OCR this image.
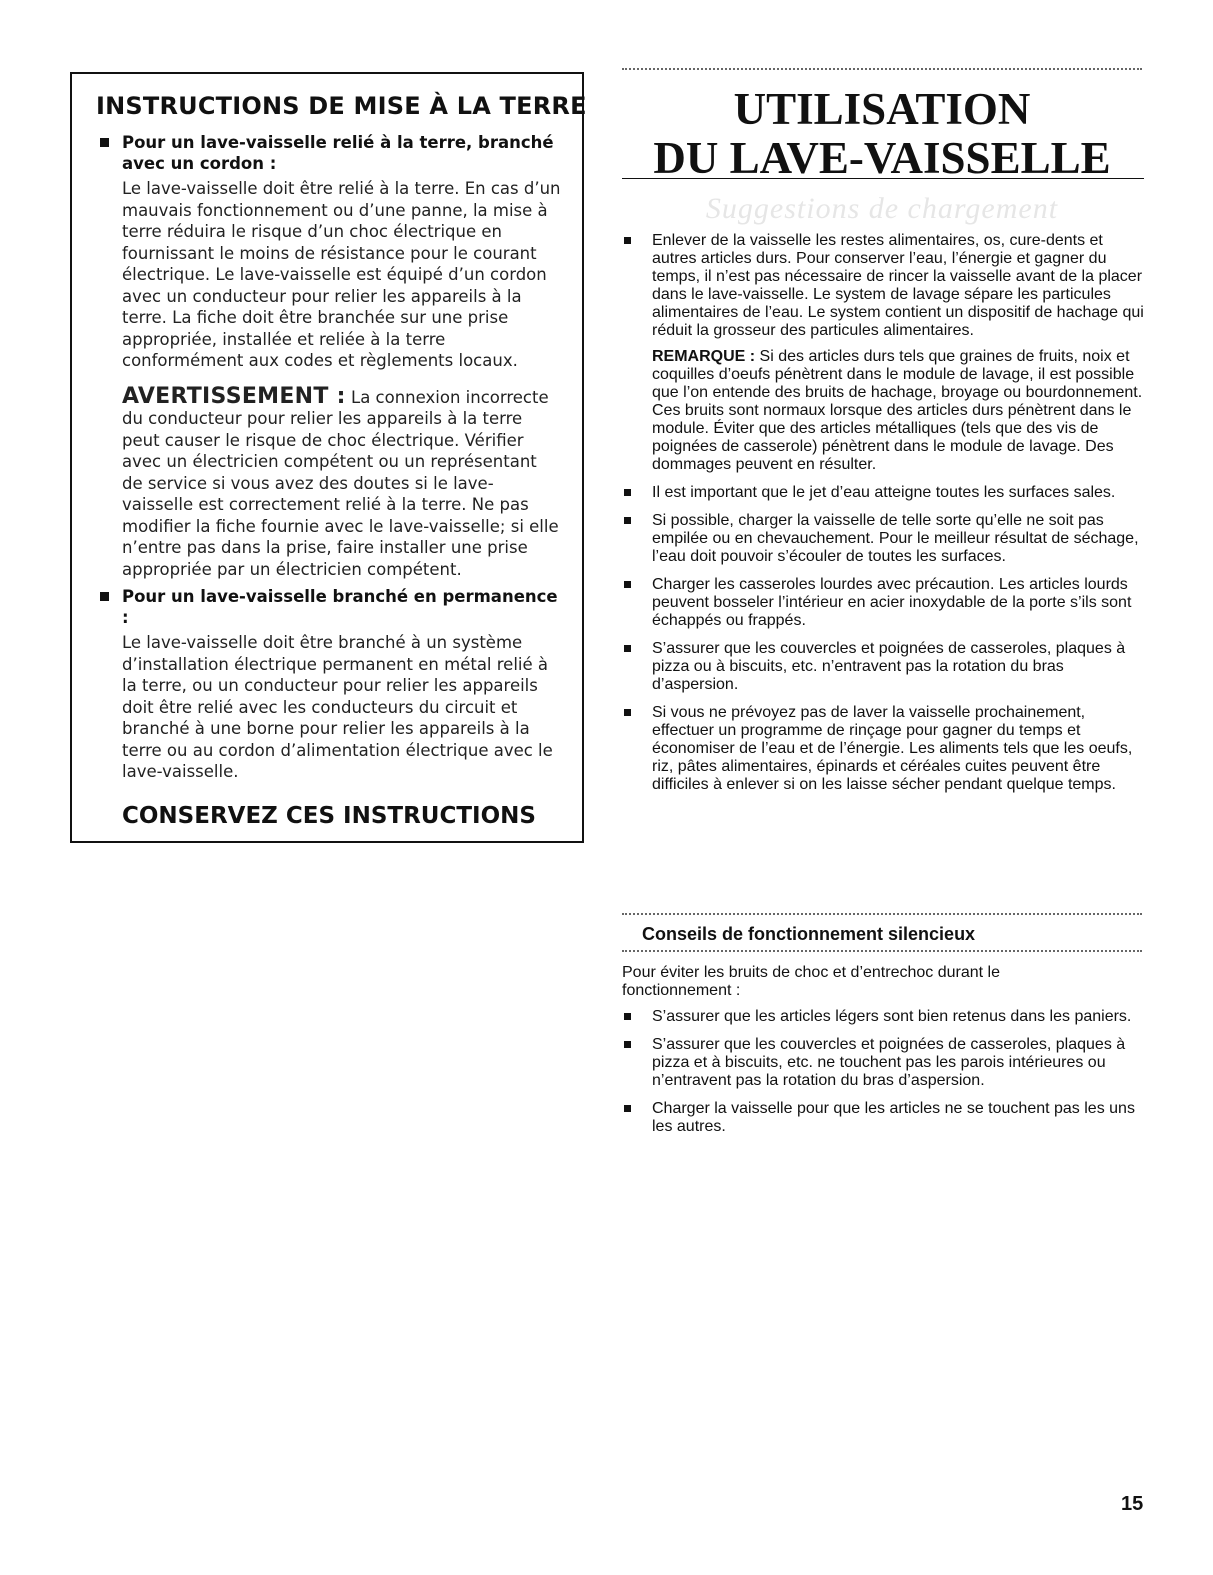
INSTRUCTIONS DE MISE À LA TERRE

Pour un lave-vaisselle relié à la terre, branché avec un cordon :

Le lave-vaisselle doit être relié à la terre. En cas d’un mauvais fonctionnement ou d’une panne, la mise à terre réduira le risque d’un choc électrique en fournissant le moins de résistance pour le courant électrique. Le lave-vaisselle est équipé d’un cordon avec un conducteur pour relier les appareils à la terre. La fiche doit être branchée sur une prise appropriée, installée et reliée à la terre conformément aux codes et règlements locaux.

AVERTISSEMENT : La connexion incorrecte du conducteur pour relier les appareils à la terre peut causer le risque de choc électrique. Vérifier avec un électricien compétent ou un représentant de service si vous avez des doutes si le lave-vaisselle est correctement relié à la terre. Ne pas modifier la fiche fournie avec le lave-vaisselle; si elle n’entre pas dans la prise, faire installer une prise appropriée par un électricien compétent.

Pour un lave-vaisselle branché en permanence :

Le lave-vaisselle doit être branché à un système d’installation électrique permanent en métal relié à la terre, ou un conducteur pour relier les appareils doit être relié avec les conducteurs du circuit et branché à une borne pour relier les appareils à la terre ou au cordon d’alimentation électrique avec le lave-vaisselle.

CONSERVEZ CES INSTRUCTIONS

UTILISATION
DU LAVE-VAISSELLE
Suggestions de chargement
Enlever de la vaisselle les restes alimentaires, os, cure-dents et autres articles durs. Pour conserver l’eau, l’énergie et gagner du temps, il n’est pas nécessaire de rincer la vaisselle avant de la placer dans le lave-vaisselle. Le system de lavage sépare les particules alimentaires de l’eau. Le system contient un dispositif de hachage qui réduit la grosseur des particules alimentaires.

REMARQUE : Si des articles durs tels que graines de fruits, noix et coquilles d’oeufs pénètrent dans le module de lavage, il est possible que l’on entende des bruits de hachage, broyage ou bourdonnement. Ces bruits sont normaux lorsque des articles durs pénètrent dans le module. Éviter que des articles métalliques (tels que des vis de poignées de casserole) pénètrent dans le module de lavage. Des dommages peuvent en résulter.

Il est important que le jet d’eau atteigne toutes les surfaces sales.
Si possible, charger la vaisselle de telle sorte qu’elle ne soit pas empilée ou en chevauchement. Pour le meilleur résultat de séchage, l’eau doit pouvoir s’écouler de toutes les surfaces.
Charger les casseroles lourdes avec précaution. Les articles lourds peuvent bosseler l’intérieur en acier inoxydable de la porte s’ils sont échappés ou frappés.
S’assurer que les couvercles et poignées de casseroles, plaques à pizza ou à biscuits, etc. n’entravent pas la rotation du bras d’aspersion.
Si vous ne prévoyez pas de laver la vaisselle prochainement, effectuer un programme de rinçage pour gagner du temps et économiser de l’eau et de l’énergie. Les aliments tels que les oeufs, riz, pâtes alimentaires, épinards et céréales cuites peuvent être difficiles à enlever si on les laisse sécher pendant quelque temps.
Conseils de fonctionnement silencieux

Pour éviter les bruits de choc et d’entrechoc durant le fonctionnement :

S’assurer que les articles légers sont bien retenus dans les paniers.
S’assurer que les couvercles et poignées de casseroles, plaques à pizza et à biscuits, etc. ne touchent pas les parois intérieures ou n’entravent pas la rotation du bras d’aspersion.
Charger la vaisselle pour que les articles ne se touchent pas les uns les autres.

15
